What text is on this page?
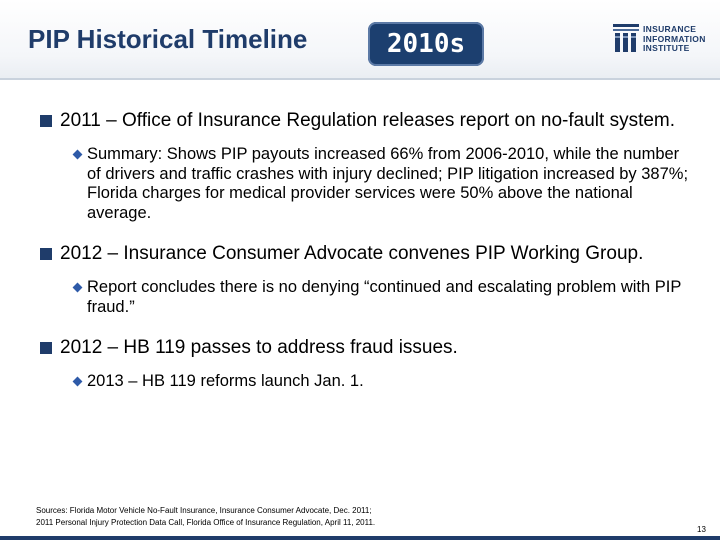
PIP Historical Timeline	2010s	INSURANCE
INFORMATION
INSTITUTE
2011 – Office of Insurance Regulation releases report on no-fault system.
Summary: Shows PIP payouts increased 66% from 2006-2010, while the number of drivers and traffic crashes with injury declined; PIP litigation increased by 387%; Florida charges for medical provider services were 50% above the national average.
2012 – Insurance Consumer Advocate convenes PIP Working Group.
Report concludes there is no denying “continued and escalating problem with PIP fraud.”
2012 – HB 119 passes to address fraud issues.
2013 – HB 119 reforms launch Jan. 1.
Sources: Florida Motor Vehicle No-Fault Insurance, Insurance Consumer Advocate, Dec. 2011;
2011 Personal Injury Protection Data Call, Florida Office of Insurance Regulation, April 11, 2011.
13
